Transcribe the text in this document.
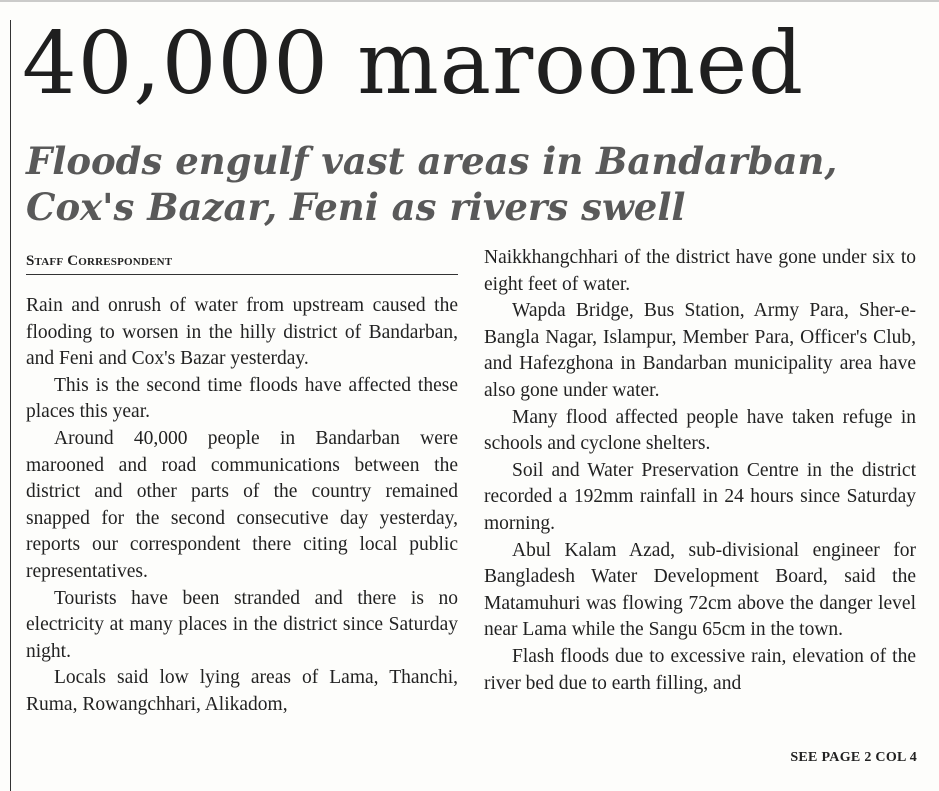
40,000 marooned
Floods engulf vast areas in Bandarban,
Cox's Bazar, Feni as rivers swell
Staff Correspondent

Rain and onrush of water from upstream caused the flooding to worsen in the hilly district of Bandarban, and Feni and Cox's Bazar yesterday.

This is the second time floods have affected these places this year.

Around 40,000 people in Bandarban were marooned and road communications between the district and other parts of the country remained snapped for the second consecutive day yesterday, reports our correspondent there citing local public representatives.

Tourists have been stranded and there is no electricity at many places in the district since Saturday night.

Locals said low lying areas of Lama, Thanchi, Ruma, Rowangchhari, Alikadom,

Naikkhangchhari of the district have gone under six to eight feet of water.

Wapda Bridge, Bus Station, Army Para, Sher-e-Bangla Nagar, Islampur, Member Para, Officer's Club, and Hafezghona in Bandarban municipality area have also gone under water.

Many flood affected people have taken refuge in schools and cyclone shelters.

Soil and Water Preservation Centre in the district recorded a 192mm rainfall in 24 hours since Saturday morning.

Abul Kalam Azad, sub-divisional engineer for Bangladesh Water Development Board, said the Matamuhuri was flowing 72cm above the danger level near Lama while the Sangu 65cm in the town.

Flash floods due to excessive rain, elevation of the river bed due to earth filling, and

SEE PAGE 2 COL 4
